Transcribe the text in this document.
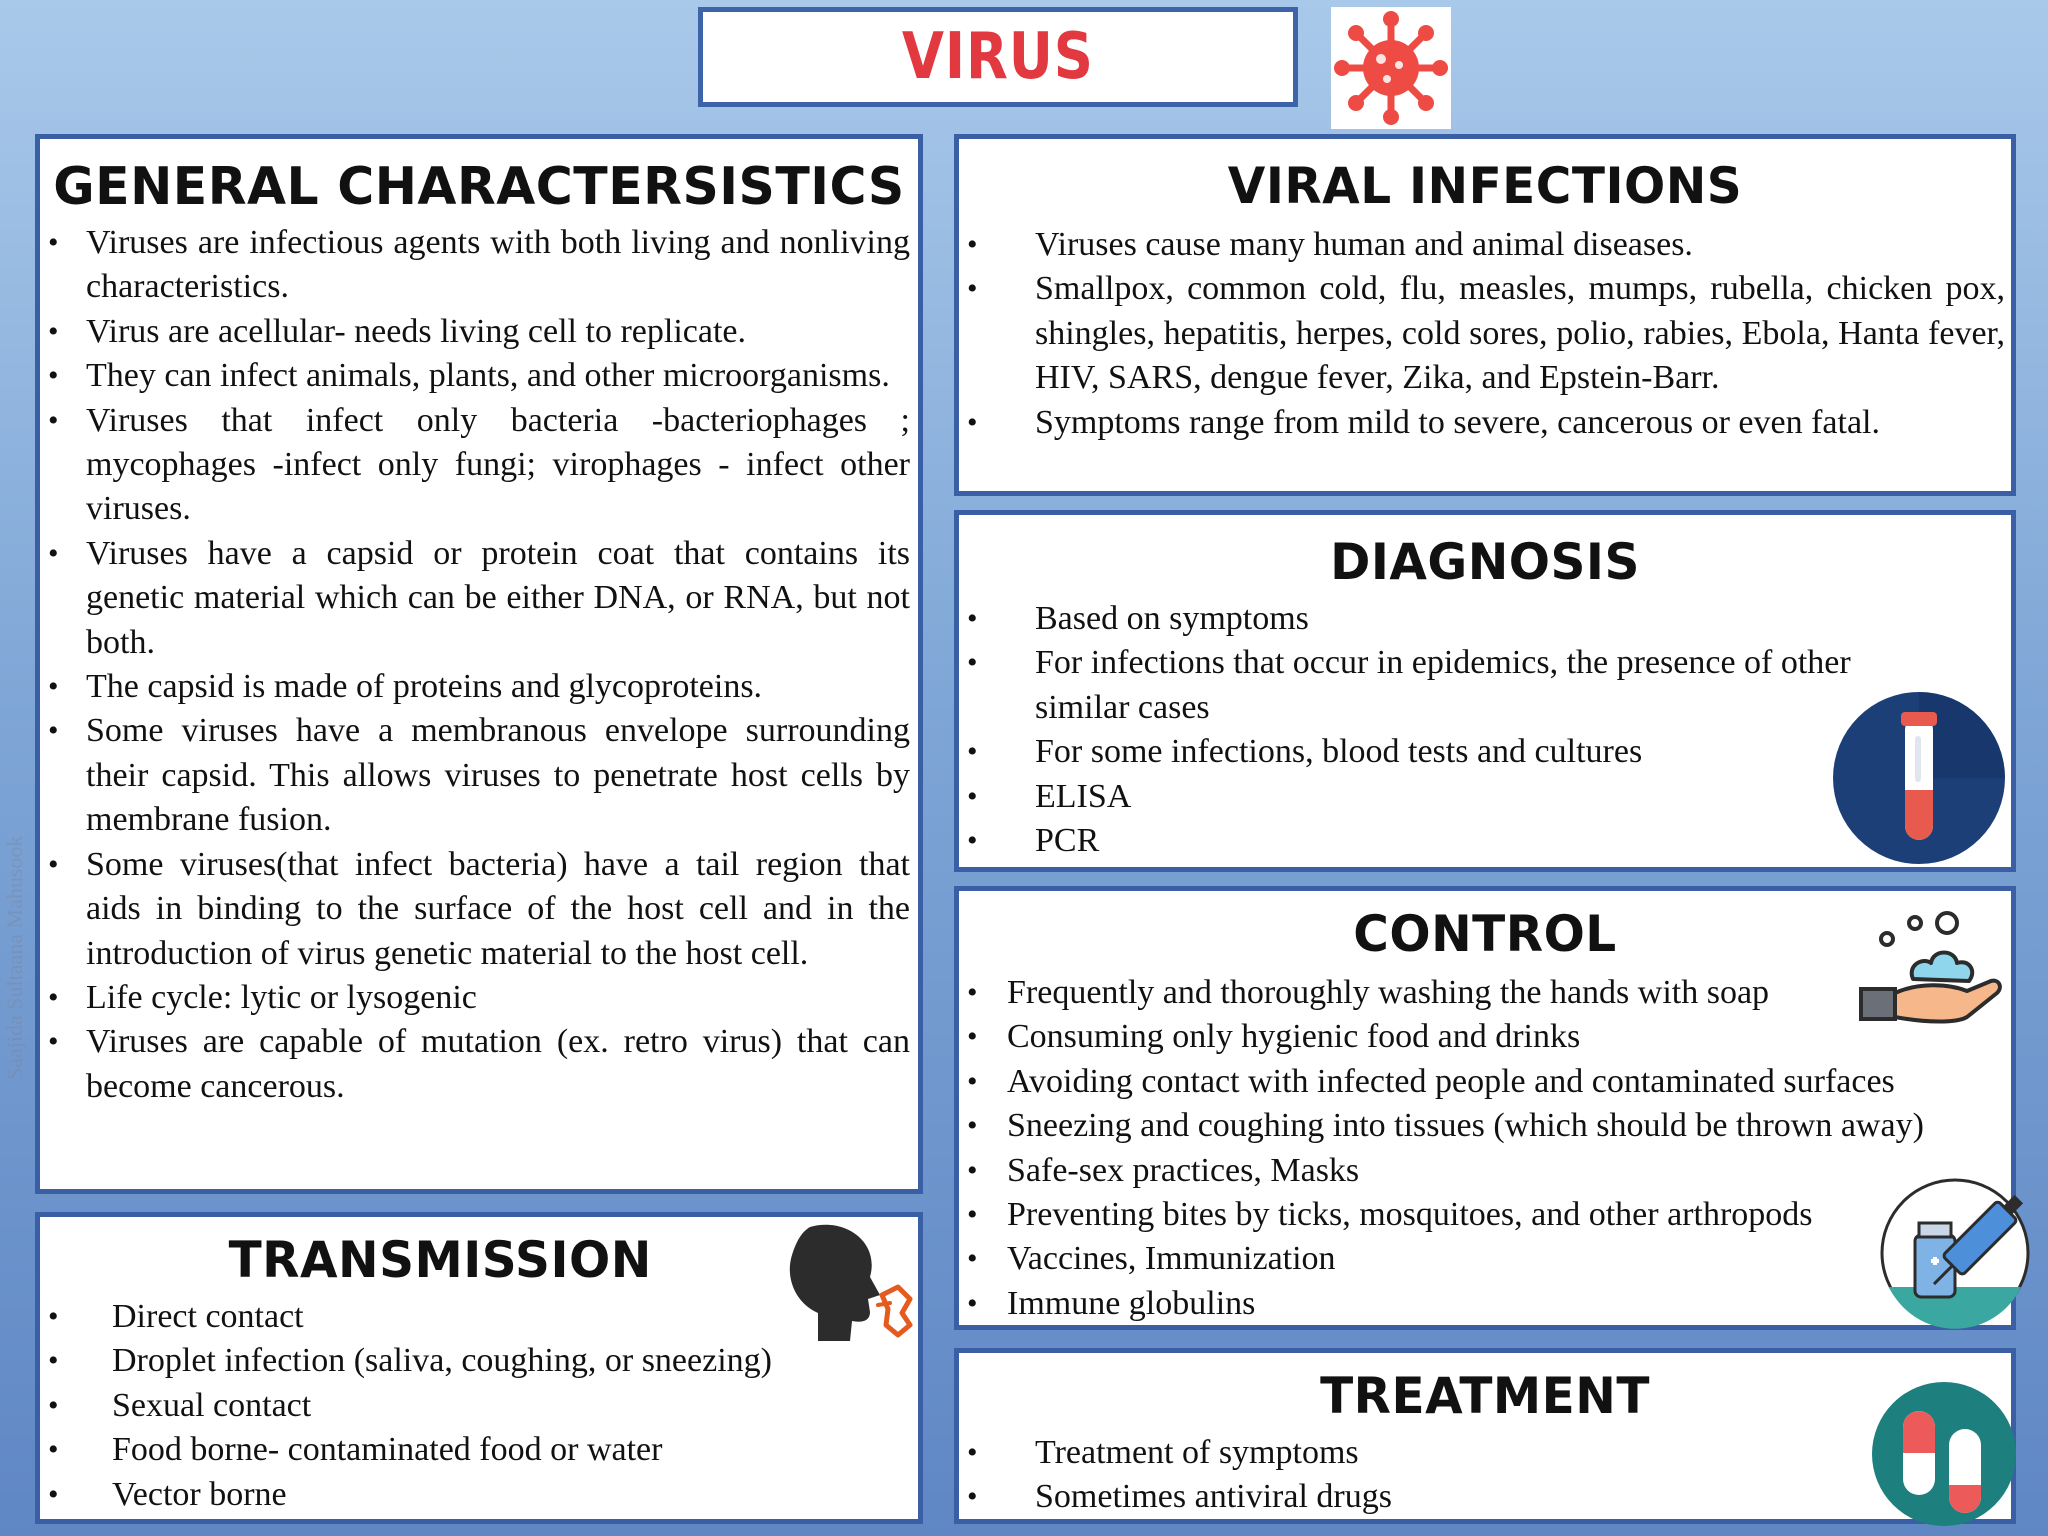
Saajida Sultaana Mahusook
VIRUS
GENERAL CHARACTERSISTICS
• Viruses are infectious agents with both living and nonliving characteristics.
• Virus are acellular- needs living cell to replicate.
• They can infect animals, plants, and other microorganisms.
• Viruses that infect only bacteria -bacteriophages ; mycophages -infect only fungi; virophages - infect other viruses.
• Viruses have a capsid or protein coat that contains its genetic material which can be either DNA, or RNA, but not both.
• The capsid is made of proteins and glycoproteins.
• Some viruses have a membranous envelope surrounding their capsid. This allows viruses to penetrate host cells by membrane fusion.
• Some viruses(that infect bacteria) have a tail region that aids in binding to the surface of the host cell and in the introduction of virus genetic material to the host cell.
• Life cycle: lytic or lysogenic
• Viruses are capable of mutation (ex. retro virus) that can become cancerous.
TRANSMISSION
• Direct contact
• Droplet infection (saliva, coughing, or sneezing)
• Sexual contact
• Food borne- contaminated food or water
• Vector borne
VIRAL INFECTIONS
• Viruses cause many human and animal diseases.
• Smallpox, common cold, flu, measles, mumps, rubella, chicken pox, shingles, hepatitis, herpes, cold sores, polio, rabies, Ebola, Hanta fever, HIV, SARS, dengue fever, Zika, and Epstein-Barr.
• Symptoms range from mild to severe, cancerous or even fatal.
DIAGNOSIS
• Based on symptoms
• For infections that occur in epidemics, the presence of other similar cases
• For some infections, blood tests and cultures
• ELISA
• PCR
CONTROL
• Frequently and thoroughly washing the hands with soap
• Consuming only hygienic food and drinks
• Avoiding contact with infected people and contaminated surfaces
• Sneezing and coughing into tissues (which should be thrown away)
• Safe-sex practices, Masks
• Preventing bites by ticks, mosquitoes, and other arthropods
• Vaccines, Immunization
• Immune globulins
TREATMENT
• Treatment of symptoms
• Sometimes antiviral drugs
